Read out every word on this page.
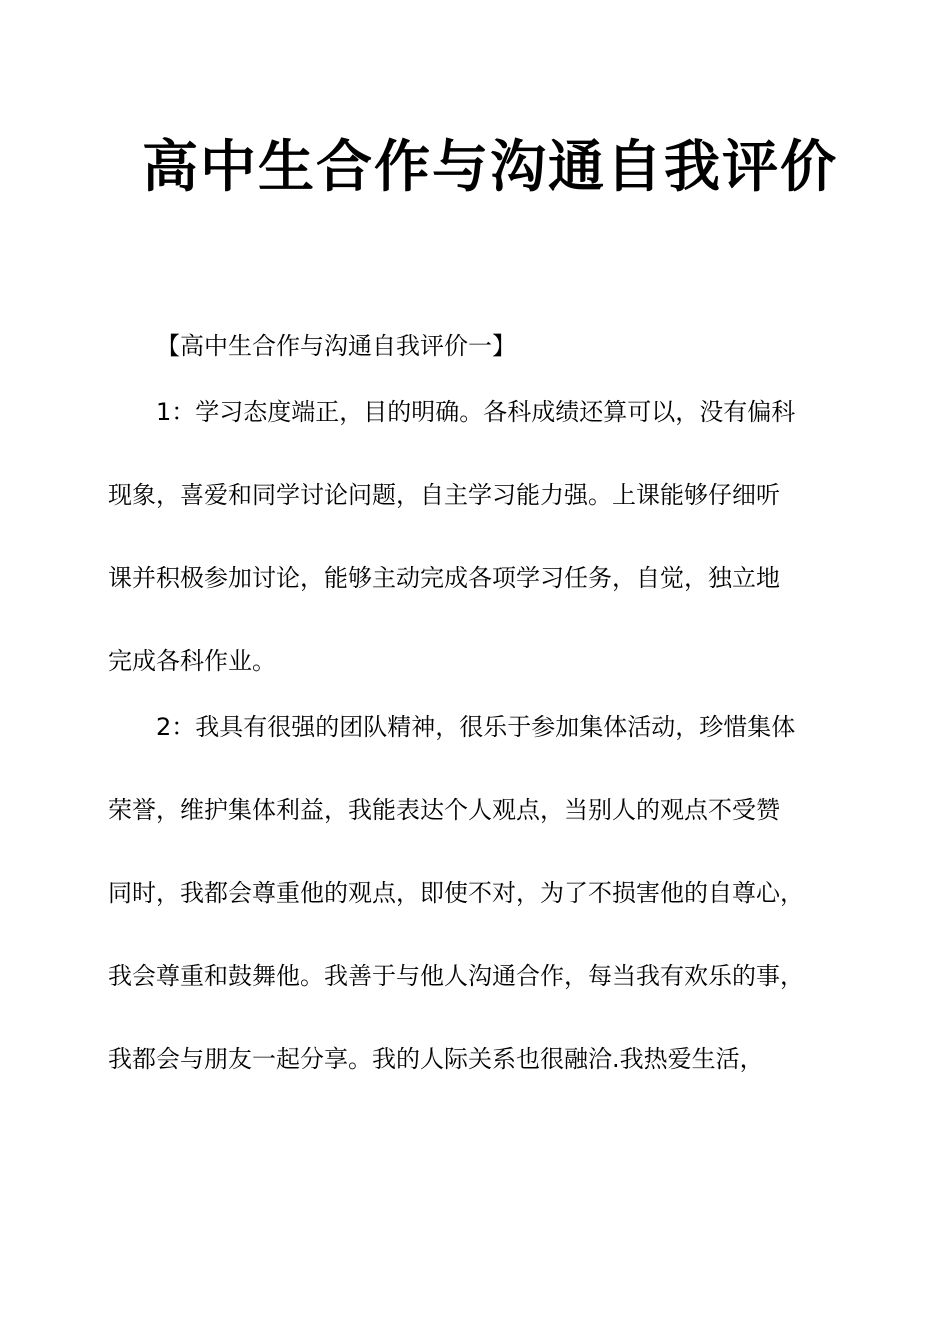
高中生合作与沟通自我评价

【高中生合作与沟通自我评价一】

1：学习态度端正，目的明确。各科成绩还算可以，没有偏科

现象，喜爱和同学讨论问题，自主学习能力强。上课能够仔细听

课并积极参加讨论，能够主动完成各项学习任务，自觉，独立地

完成各科作业。

2：我具有很强的团队精神，很乐于参加集体活动，珍惜集体

荣誉，维护集体利益，我能表达个人观点，当别人的观点不受赞

同时，我都会尊重他的观点，即使不对，为了不损害他的自尊心，

我会尊重和鼓舞他。我善于与他人沟通合作，每当我有欢乐的事，

我都会与朋友一起分享。我的人际关系也很融洽.我热爱生活，
